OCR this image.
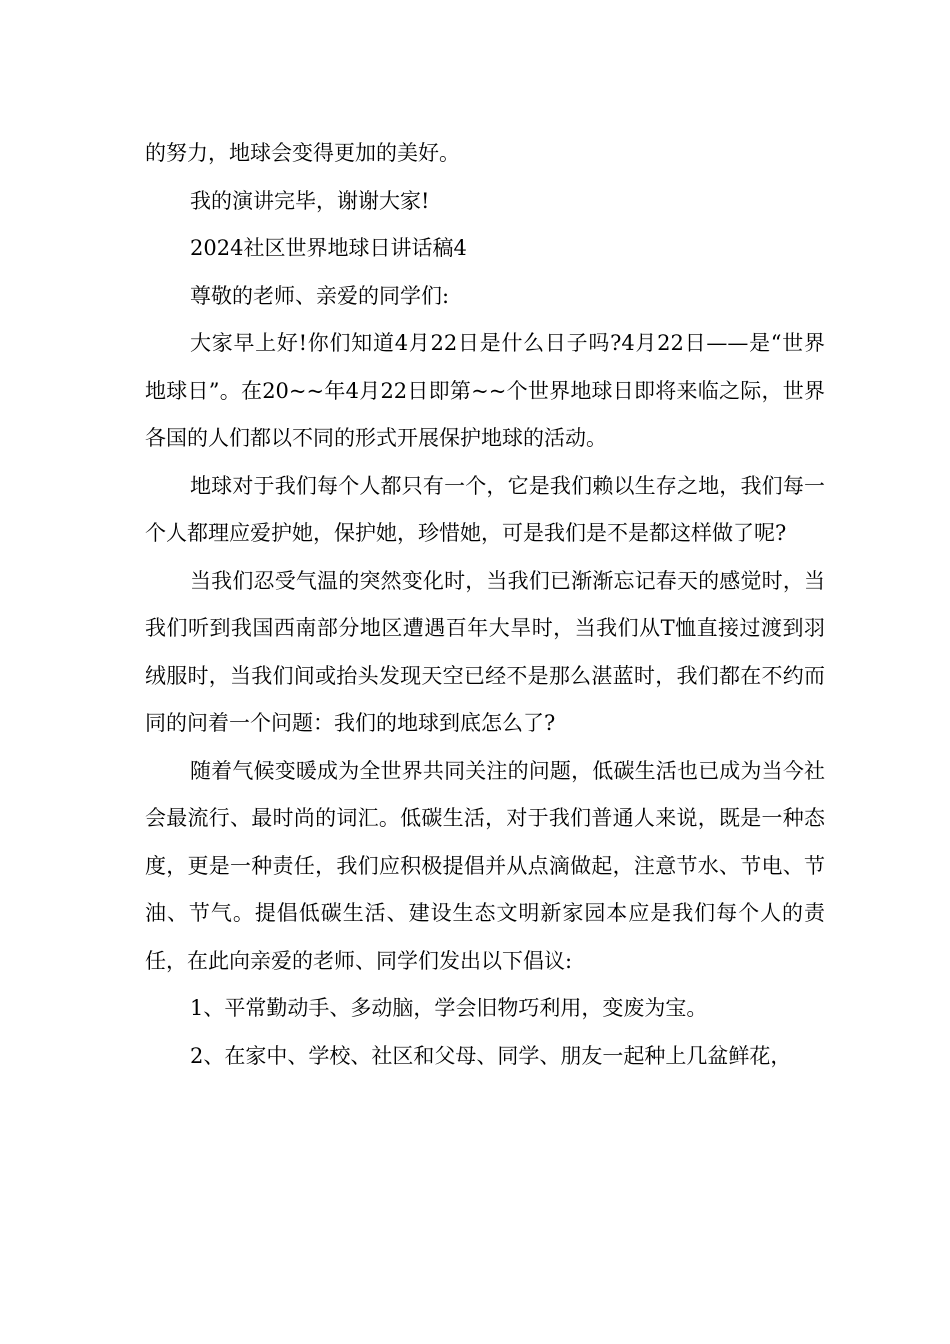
的努力，地球会变得更加的美好。

我的演讲完毕，谢谢大家!

2024社区世界地球日讲话稿4

尊敬的老师、亲爱的同学们:

大家早上好!你们知道4月22日是什么日子吗?4月22日——是“世界地球日”。在20~~年4月22日即第~~个世界地球日即将来临之际，世界各国的人们都以不同的形式开展保护地球的活动。

地球对于我们每个人都只有一个，它是我们赖以生存之地，我们每一个人都理应爱护她，保护她，珍惜她，可是我们是不是都这样做了呢?

当我们忍受气温的突然变化时，当我们已渐渐忘记春天的感觉时，当我们听到我国西南部分地区遭遇百年大旱时，当我们从T恤直接过渡到羽绒服时，当我们间或抬头发现天空已经不是那么湛蓝时，我们都在不约而同的问着一个问题：我们的地球到底怎么了?

随着气候变暖成为全世界共同关注的问题，低碳生活也已成为当今社会最流行、最时尚的词汇。低碳生活，对于我们普通人来说，既是一种态度，更是一种责任，我们应积极提倡并从点滴做起，注意节水、节电、节油、节气。提倡低碳生活、建设生态文明新家园本应是我们每个人的责任，在此向亲爱的老师、同学们发出以下倡议:

1、平常勤动手、多动脑，学会旧物巧利用，变废为宝。

2、在家中、学校、社区和父母、同学、朋友一起种上几盆鲜花，
